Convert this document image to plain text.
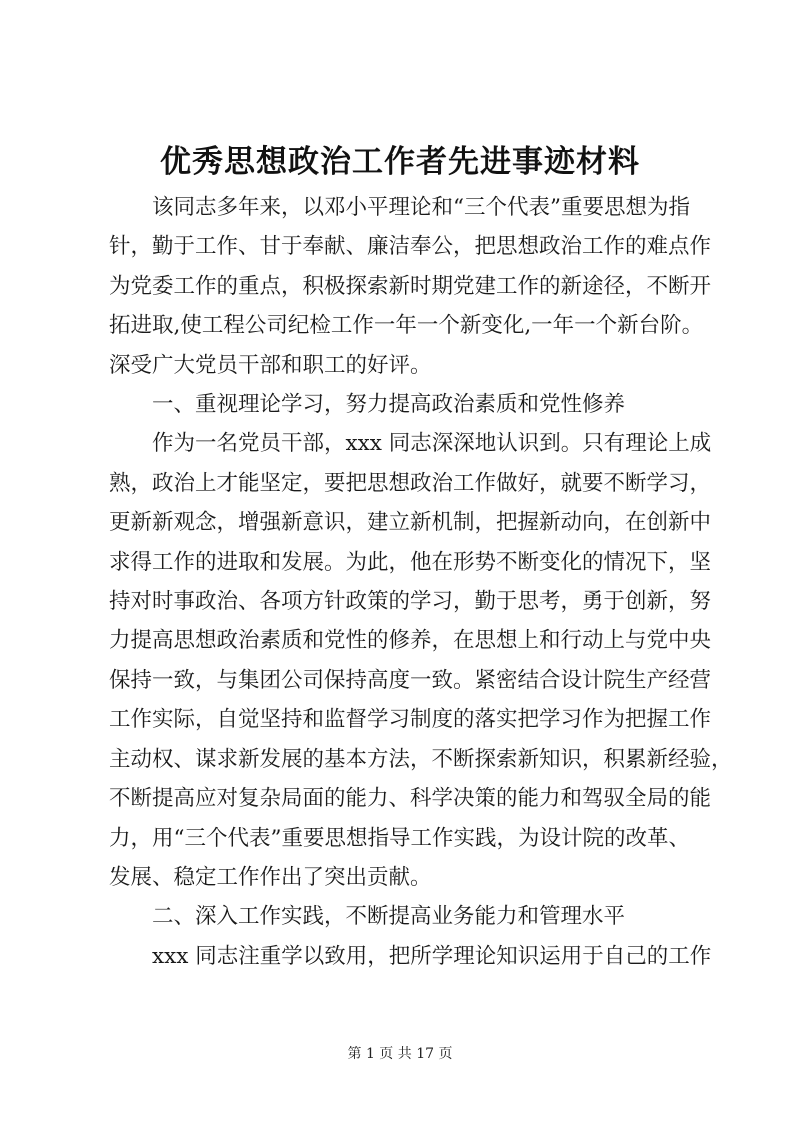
优秀思想政治工作者先进事迹材料
　　该同志多年来，以邓小平理论和“三个代表”重要思想为指
针，勤于工作、甘于奉献、廉洁奉公，把思想政治工作的难点作
为党委工作的重点，积极探索新时期党建工作的新途径，不断开
拓进取,使工程公司纪检工作一年一个新变化,一年一个新台阶。
深受广大党员干部和职工的好评。
　　一、重视理论学习，努力提高政治素质和党性修养
　　作为一名党员干部，xxx 同志深深地认识到。只有理论上成
熟，政治上才能坚定，要把思想政治工作做好，就要不断学习，
更新新观念，增强新意识，建立新机制，把握新动向，在创新中
求得工作的进取和发展。为此，他在形势不断变化的情况下，坚
持对时事政治、各项方针政策的学习，勤于思考，勇于创新，努
力提高思想政治素质和党性的修养，在思想上和行动上与党中央
保持一致，与集团公司保持高度一致。紧密结合设计院生产经营
工作实际，自觉坚持和监督学习制度的落实把学习作为把握工作
主动权、谋求新发展的基本方法，不断探索新知识，积累新经验，
不断提高应对复杂局面的能力、科学决策的能力和驾驭全局的能
力，用“三个代表”重要思想指导工作实践，为设计院的改革、
发展、稳定工作作出了突出贡献。
　　二、深入工作实践，不断提高业务能力和管理水平
　　xxx 同志注重学以致用，把所学理论知识运用于自己的工作
第 1 页 共 17 页
